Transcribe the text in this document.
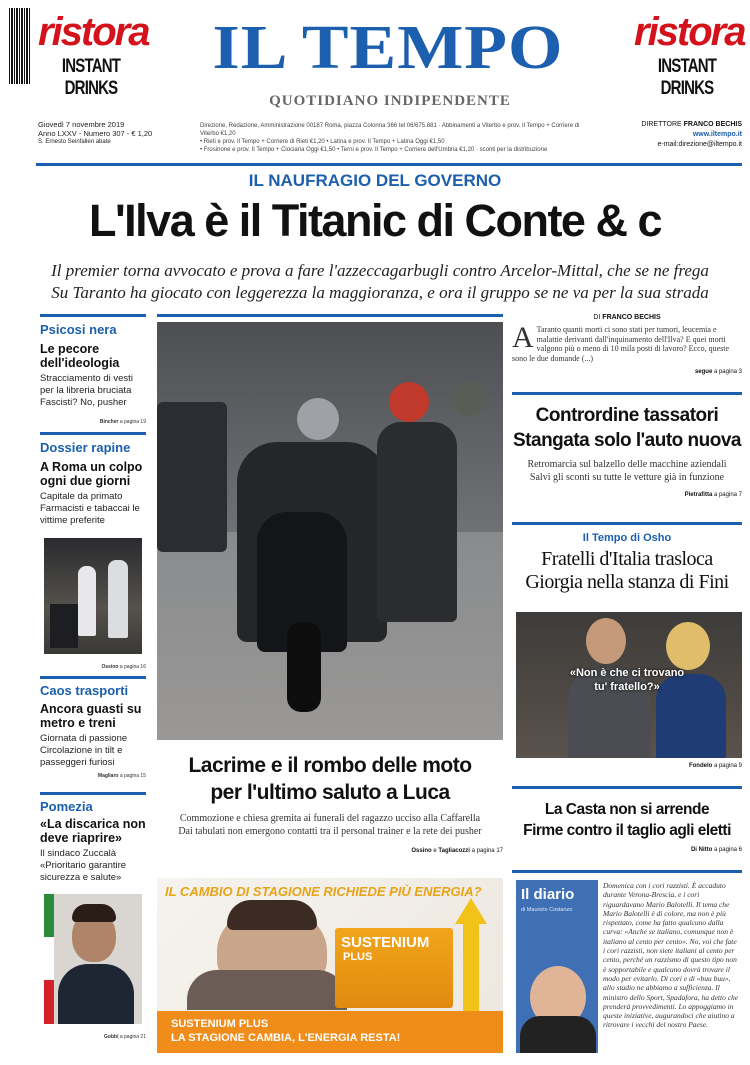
ristora
INSTANT DRINKS
ristora
INSTANT DRINKS
IL TEMPO
QUOTIDIANO INDIPENDENTE
Giovedì 7 novembre 2019
Anno LXXV - Numero 307 - € 1,20
S. Ernesto Seinfallen abate
Direzione, Redazione, Amministrazione 00187 Roma, piazza Colonna 366 tel 06/675.881 · Abbinamenti a Viterbo e prov. Il Tempo + Corriere di Viterbo €1,20
• Rieti e prov. Il Tempo + Corriere di Rieti €1,20 • Latina e prov. Il Tempo + Latina Oggi €1,50
• Frosinone e prov. Il Tempo + Ciociaria Oggi €1,50 • Terni e prov. Il Tempo + Corriere dell'Umbria €1,20 · sconti per la distribuzione
DIRETTORE FRANCO BECHIS
www.iltempo.it
e-mail:direzione@iltempo.it
IL NAUFRAGIO DEL GOVERNO
L'Ilva è il Titanic di Conte & c
Il premier torna avvocato e prova a fare l'azzeccagarbugli contro Arcelor-Mittal, che se ne frega
Su Taranto ha giocato con leggerezza la maggioranza, e ora il gruppo se ne va per la sua strada
Psicosi nera
Le pecore dell'ideologia
Stracciamento di vesti per la libreria bruciata Fascisti? No, pusher
Bincher a pagina 19
Dossier rapine
A Roma un colpo ogni due giorni
Capitale da primato Farmacisti e tabaccai le vittime preferite
Ossino a pagina 16
Caos trasporti
Ancora guasti su metro e treni
Giornata di passione Circolazione in tilt e passeggeri furiosi
Magliaro a pagina 15
Pomezia
«La discarica non deve riaprire»
Il sindaco Zuccalà «Prioritario garantire sicurezza e salute»
Gobbi a pagina 21
Lacrime e il rombo delle moto
per l'ultimo saluto a Luca
Commozione e chiesa gremita ai funerali del ragazzo ucciso alla Caffarella
Dai tabulati non emergono contatti tra il personal trainer e la rete dei pusher
Ossino e Tagliacozzi a pagina 17
DI FRANCO BECHIS
A Taranto quanti morti ci sono stati per tumori, leucemia e malattie derivanti dall'inquinamento dell'Ilva? E quei morti valgono più o meno di 10 mila posti di lavoro? Ecco, queste sono le due domande (...)
segue a pagina 3
Contrordine tassatori
Stangata solo l'auto nuova
Retromarcia sul balzello delle macchine aziendali
Salvi gli sconti su tutte le vetture già in funzione
Pietrafitta a pagina 7
Il Tempo di Osho
Fratelli d'Italia trasloca
Giorgia nella stanza di Fini
«Non è che ci trovano
tu' fratello?»
Fondelo a pagina 9
La Casta non si arrende
Firme contro il taglio agli eletti
Di Nitto a pagina 6
Il diario
di Maurizio Costanzo
Domenica con i cori razzisti. È accaduto durante Verona-Brescia, e i cori riguardavano Mario Balotelli. Il tema che Mario Balotelli è di colore, ma non è più rispettato, come ha fatto qualcuno dalla curva: «Anche se italiano, comunque non è italiano al cento per cento». No, voi che fate i cori razzisti, non siete italiani al cento per cento, perché un razzismo di questo tipo non è sopportabile e qualcuno dovrà trovare il modo per evitarlo. Di cori e di «buu buu», allo stadio ne abbiamo a sufficienza. Il ministro dello Sport, Spadafora, ha detto che prenderà provvedimenti. Lo appoggiamo in queste iniziative, augurandoci che aiutino a ritrovare i vecchi del nostro Paese.
IL CAMBIO DI STAGIONE RICHIEDE PIÙ ENERGIA?
SUSTENIUM
PLUS
SUSTENIUM PLUS
LA STAGIONE CAMBIA, L'ENERGIA RESTA!
